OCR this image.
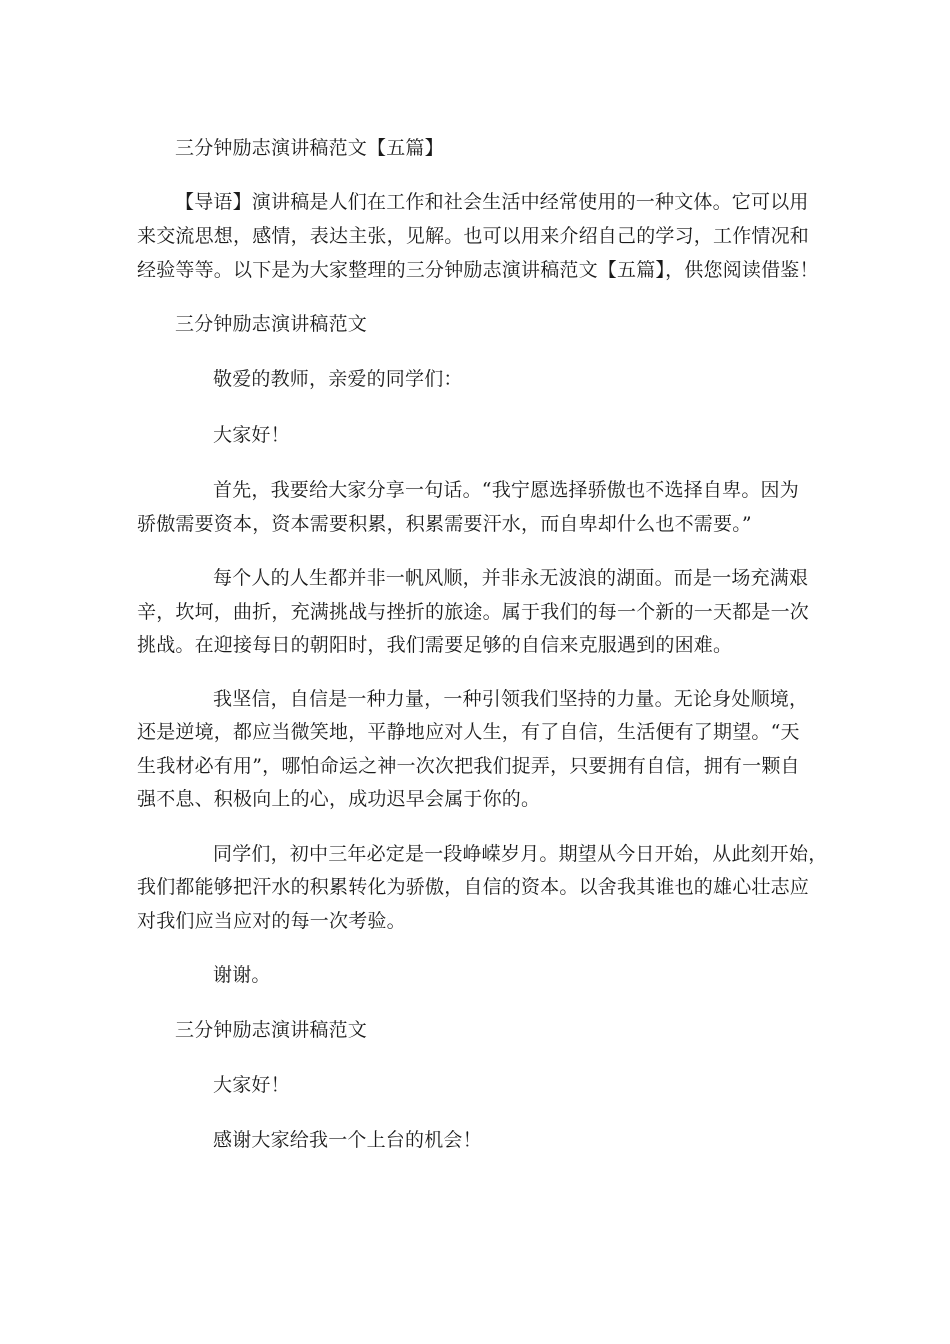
三分钟励志演讲稿范文【五篇】
【导语】演讲稿是人们在工作和社会生活中经常使用的一种文体。它可以用
来交流思想，感情，表达主张，见解。也可以用来介绍自己的学习，工作情况和
经验等等。以下是为大家整理的三分钟励志演讲稿范文【五篇】，供您阅读借鉴！
三分钟励志演讲稿范文
敬爱的教师，亲爱的同学们：
大家好！
首先，我要给大家分享一句话。“我宁愿选择骄傲也不选择自卑。因为
骄傲需要资本，资本需要积累，积累需要汗水，而自卑却什么也不需要。”
每个人的人生都并非一帆风顺，并非永无波浪的湖面。而是一场充满艰
辛，坎坷，曲折，充满挑战与挫折的旅途。属于我们的每一个新的一天都是一次
挑战。在迎接每日的朝阳时，我们需要足够的自信来克服遇到的困难。
我坚信，自信是一种力量，一种引领我们坚持的力量。无论身处顺境，
还是逆境，都应当微笑地，平静地应对人生，有了自信，生活便有了期望。“天
生我材必有用”，哪怕命运之神一次次把我们捉弄，只要拥有自信，拥有一颗自
强不息、积极向上的心，成功迟早会属于你的。
同学们，初中三年必定是一段峥嵘岁月。期望从今日开始，从此刻开始，
我们都能够把汗水的积累转化为骄傲，自信的资本。以舍我其谁也的雄心壮志应
对我们应当应对的每一次考验。
谢谢。
三分钟励志演讲稿范文
大家好！
感谢大家给我一个上台的机会！
